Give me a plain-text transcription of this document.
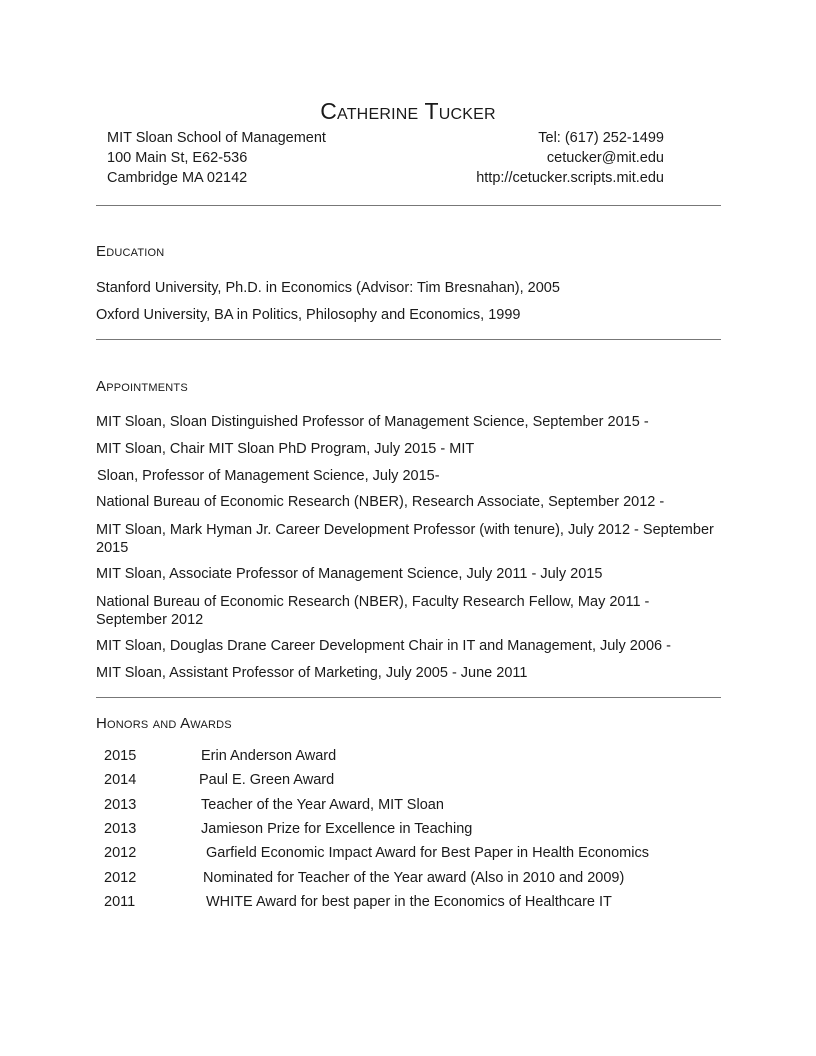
Catherine Tucker
MIT Sloan School of Management
100 Main St, E62-536
Cambridge MA 02142
Tel: (617) 252-1499
cetucker@mit.edu
http://cetucker.scripts.mit.edu
Education
Stanford University, Ph.D. in Economics (Advisor: Tim Bresnahan), 2005
Oxford University, BA in Politics, Philosophy and Economics, 1999
Appointments
MIT Sloan, Sloan Distinguished Professor of Management Science, September 2015 -
MIT Sloan, Chair MIT Sloan PhD Program, July 2015 - MIT
Sloan, Professor of Management Science, July 2015-
National Bureau of Economic Research (NBER), Research Associate, September 2012 -
MIT Sloan, Mark Hyman Jr. Career Development Professor (with tenure), July 2012 - September 2015
MIT Sloan, Associate Professor of Management Science, July 2011 - July 2015
National Bureau of Economic Research (NBER), Faculty Research Fellow, May 2011 - September 2012
MIT Sloan, Douglas Drane Career Development Chair in IT and Management, July 2006 -
MIT Sloan, Assistant Professor of Marketing, July 2005 - June 2011
Honors and Awards
2015	Erin Anderson Award
2014	Paul E. Green Award
2013	Teacher of the Year Award, MIT Sloan
2013	Jamieson Prize for Excellence in Teaching
2012	Garfield Economic Impact Award for Best Paper in Health Economics
2012	Nominated for Teacher of the Year award (Also in 2010 and 2009)
2011	WHITE Award for best paper in the Economics of Healthcare IT
